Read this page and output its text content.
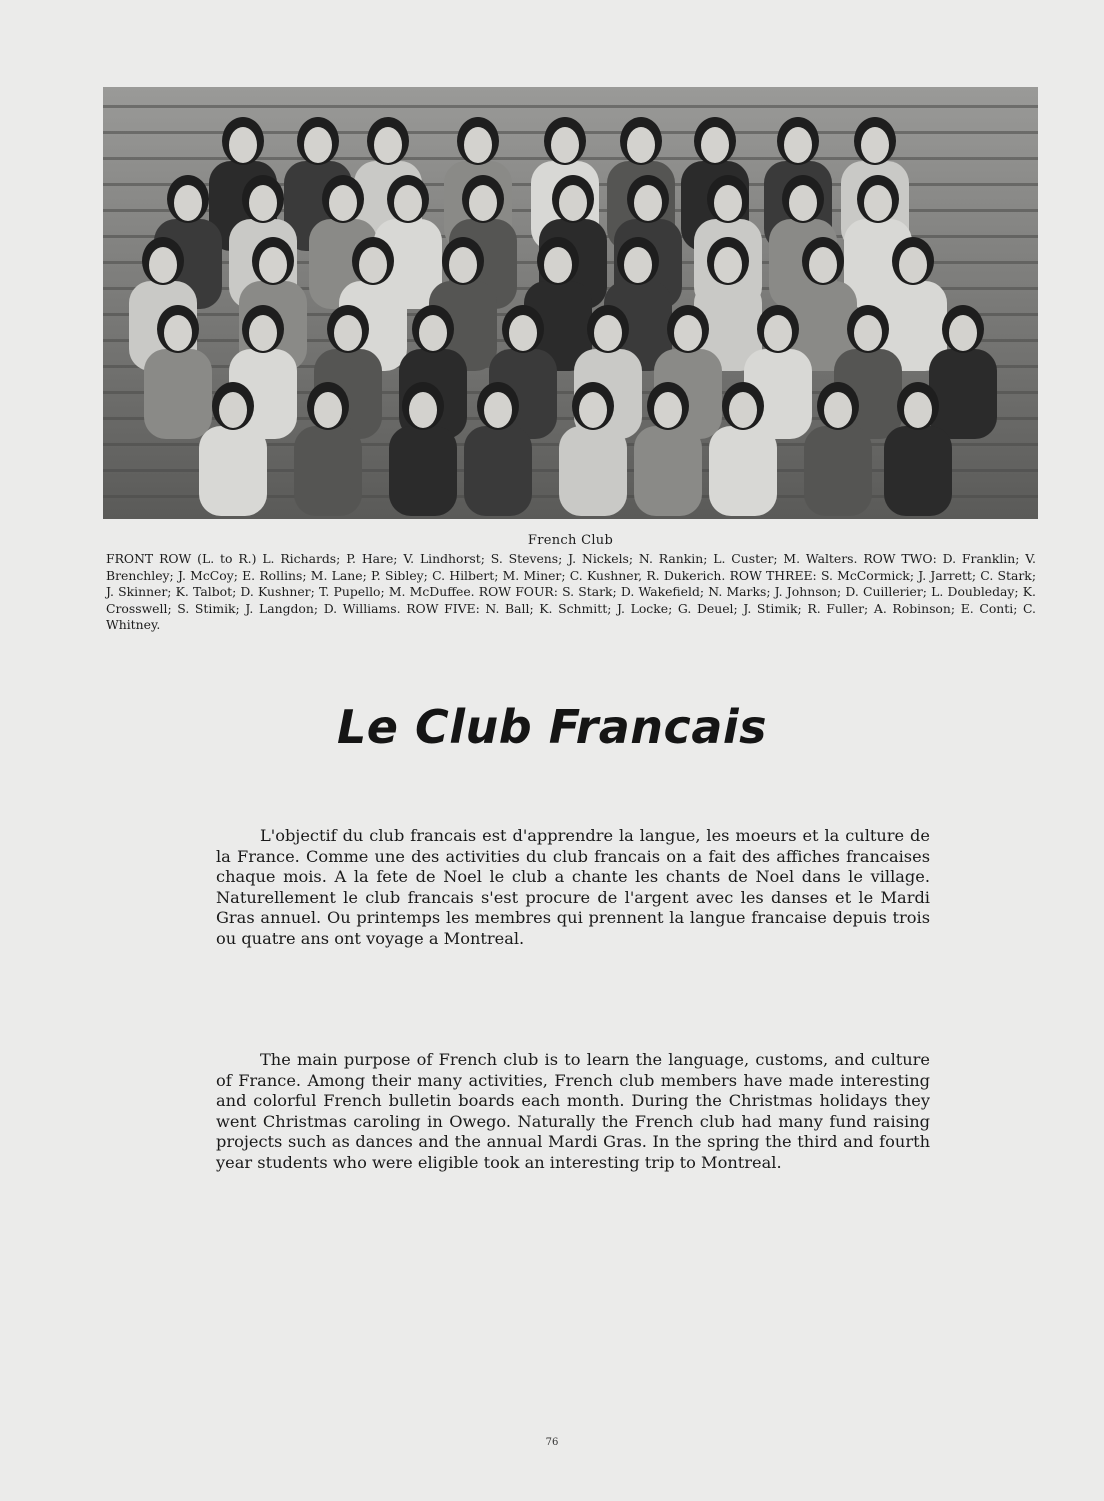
French Club
FRONT ROW (L. to R.) L. Richards; P. Hare; V. Lindhorst; S. Stevens; J. Nickels; N. Rankin; L. Custer; M. Walters. ROW TWO: D. Franklin; V. Brenchley; J. McCoy; E. Rollins; M. Lane; P. Sibley; C. Hilbert; M. Miner; C. Kushner, R. Dukerich. ROW THREE: S. McCormick; J. Jarrett; C. Stark; J. Skinner; K. Talbot; D. Kushner; T. Pupello; M. McDuffee. ROW FOUR: S. Stark; D. Wakefield; N. Marks; J. Johnson; D. Cuillerier; L. Doubleday; K. Crosswell; S. Stimik; J. Langdon; D. Williams. ROW FIVE: N. Ball; K. Schmitt; J. Locke; G. Deuel; J. Stimik; R. Fuller; A. Robinson; E. Conti; C. Whitney.
Le Club Francais
L'objectif du club francais est d'apprendre la langue, les moeurs et la culture de la France. Comme une des activities du club francais on a fait des affiches francaises chaque mois. A la fete de Noel le club a chante les chants de Noel dans le village. Naturellement le club francais s'est procure de l'argent avec les danses et le Mardi Gras annuel. Ou printemps les membres qui prennent la langue francaise depuis trois ou quatre ans ont voyage a Montreal.
The main purpose of French club is to learn the language, customs, and culture of France. Among their many activities, French club members have made interesting and colorful French bulletin boards each month. During the Christmas holidays they went Christmas caroling in Owego. Naturally the French club had many fund raising projects such as dances and the annual Mardi Gras. In the spring the third and fourth year students who were eligible took an interesting trip to Montreal.
76
